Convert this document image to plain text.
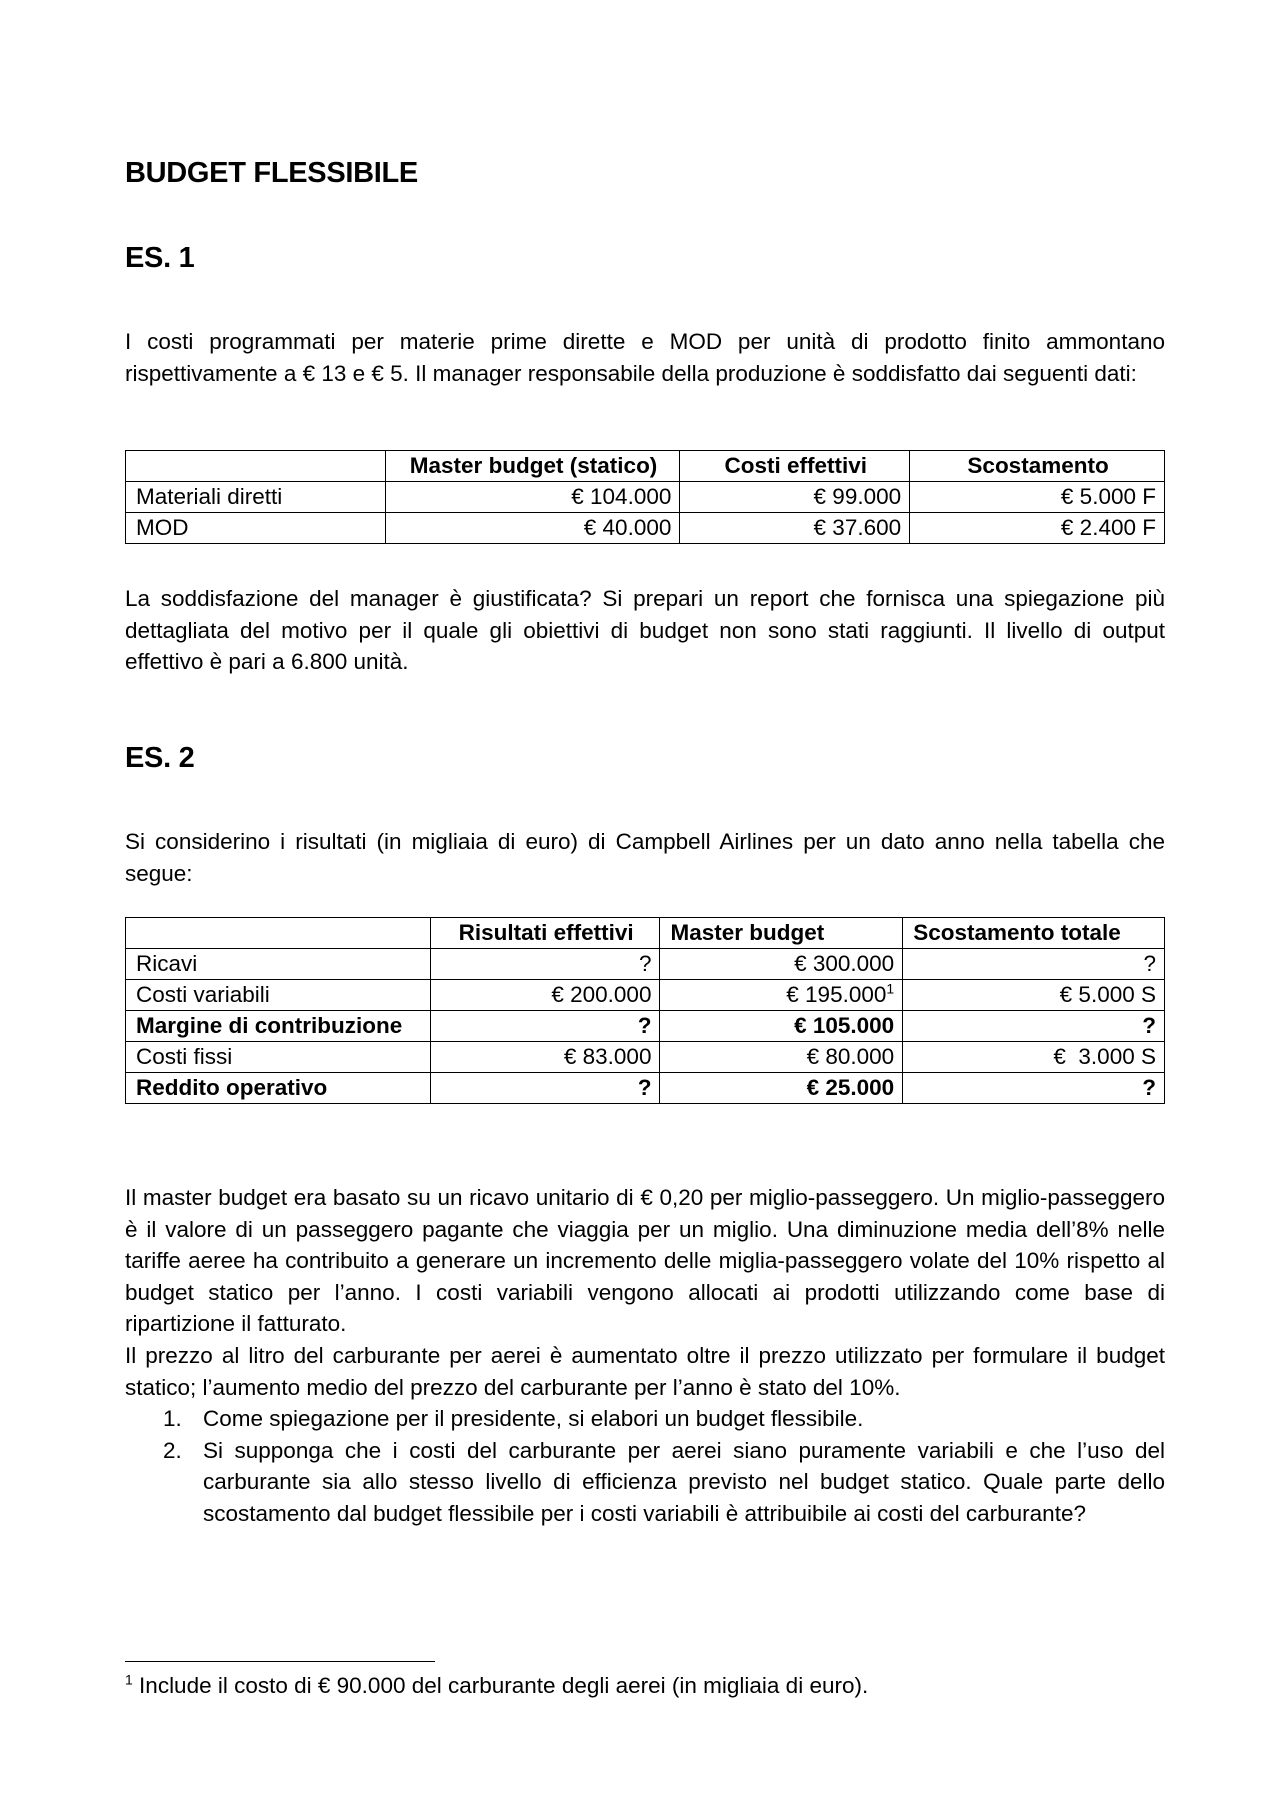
BUDGET FLESSIBILE
ES. 1

I costi programmati per materie prime dirette e MOD per unità di prodotto finito ammontano rispettivamente a € 13 e € 5. Il manager responsabile della produzione è soddisfatto dai seguenti dati:

	Master budget (statico)	Costi effettivi	Scostamento
Materiali diretti	€ 104.000	€ 99.000	€ 5.000 F
MOD	€ 40.000	€ 37.600	€ 2.400 F

La soddisfazione del manager è giustificata? Si prepari un report che fornisca una spiegazione più dettagliata del motivo per il quale gli obiettivi di budget non sono stati raggiunti. Il livello di output effettivo è pari a 6.800 unità.

ES. 2

Si considerino i risultati (in migliaia di euro) di Campbell Airlines per un dato anno nella tabella che segue:

	Risultati effettivi	Master budget	Scostamento totale
Ricavi	?	€ 300.000	?
Costi variabili	€ 200.000	€ 195.000$^1$	€ 5.000 S
Margine di contribuzione	?	€ 105.000	?
Costi fissi	€ 83.000	€ 80.000	€  3.000 S
Reddito operativo	?	€ 25.000	?

Il master budget era basato su un ricavo unitario di € 0,20 per miglio-passeggero. Un miglio-passeggero è il valore di un passeggero pagante che viaggia per un miglio. Una diminuzione media dell’8% nelle tariffe aeree ha contribuito a generare un incremento delle miglia-passeggero volate del 10% rispetto al budget statico per l’anno. I costi variabili vengono allocati ai prodotti utilizzando come base di ripartizione il fatturato.

Il prezzo al litro del carburante per aerei è aumentato oltre il prezzo utilizzato per formulare il budget statico; l’aumento medio del prezzo del carburante per l’anno è stato del 10%.

1. Come spiegazione per il presidente, si elabori un budget flessibile.
2. Si supponga che i costi del carburante per aerei siano puramente variabili e che l’uso del carburante sia allo stesso livello di efficienza previsto nel budget statico. Quale parte dello scostamento dal budget flessibile per i costi variabili è attribuibile ai costi del carburante?
$^1$ Include il costo di € 90.000 del carburante degli aerei (in migliaia di euro).
